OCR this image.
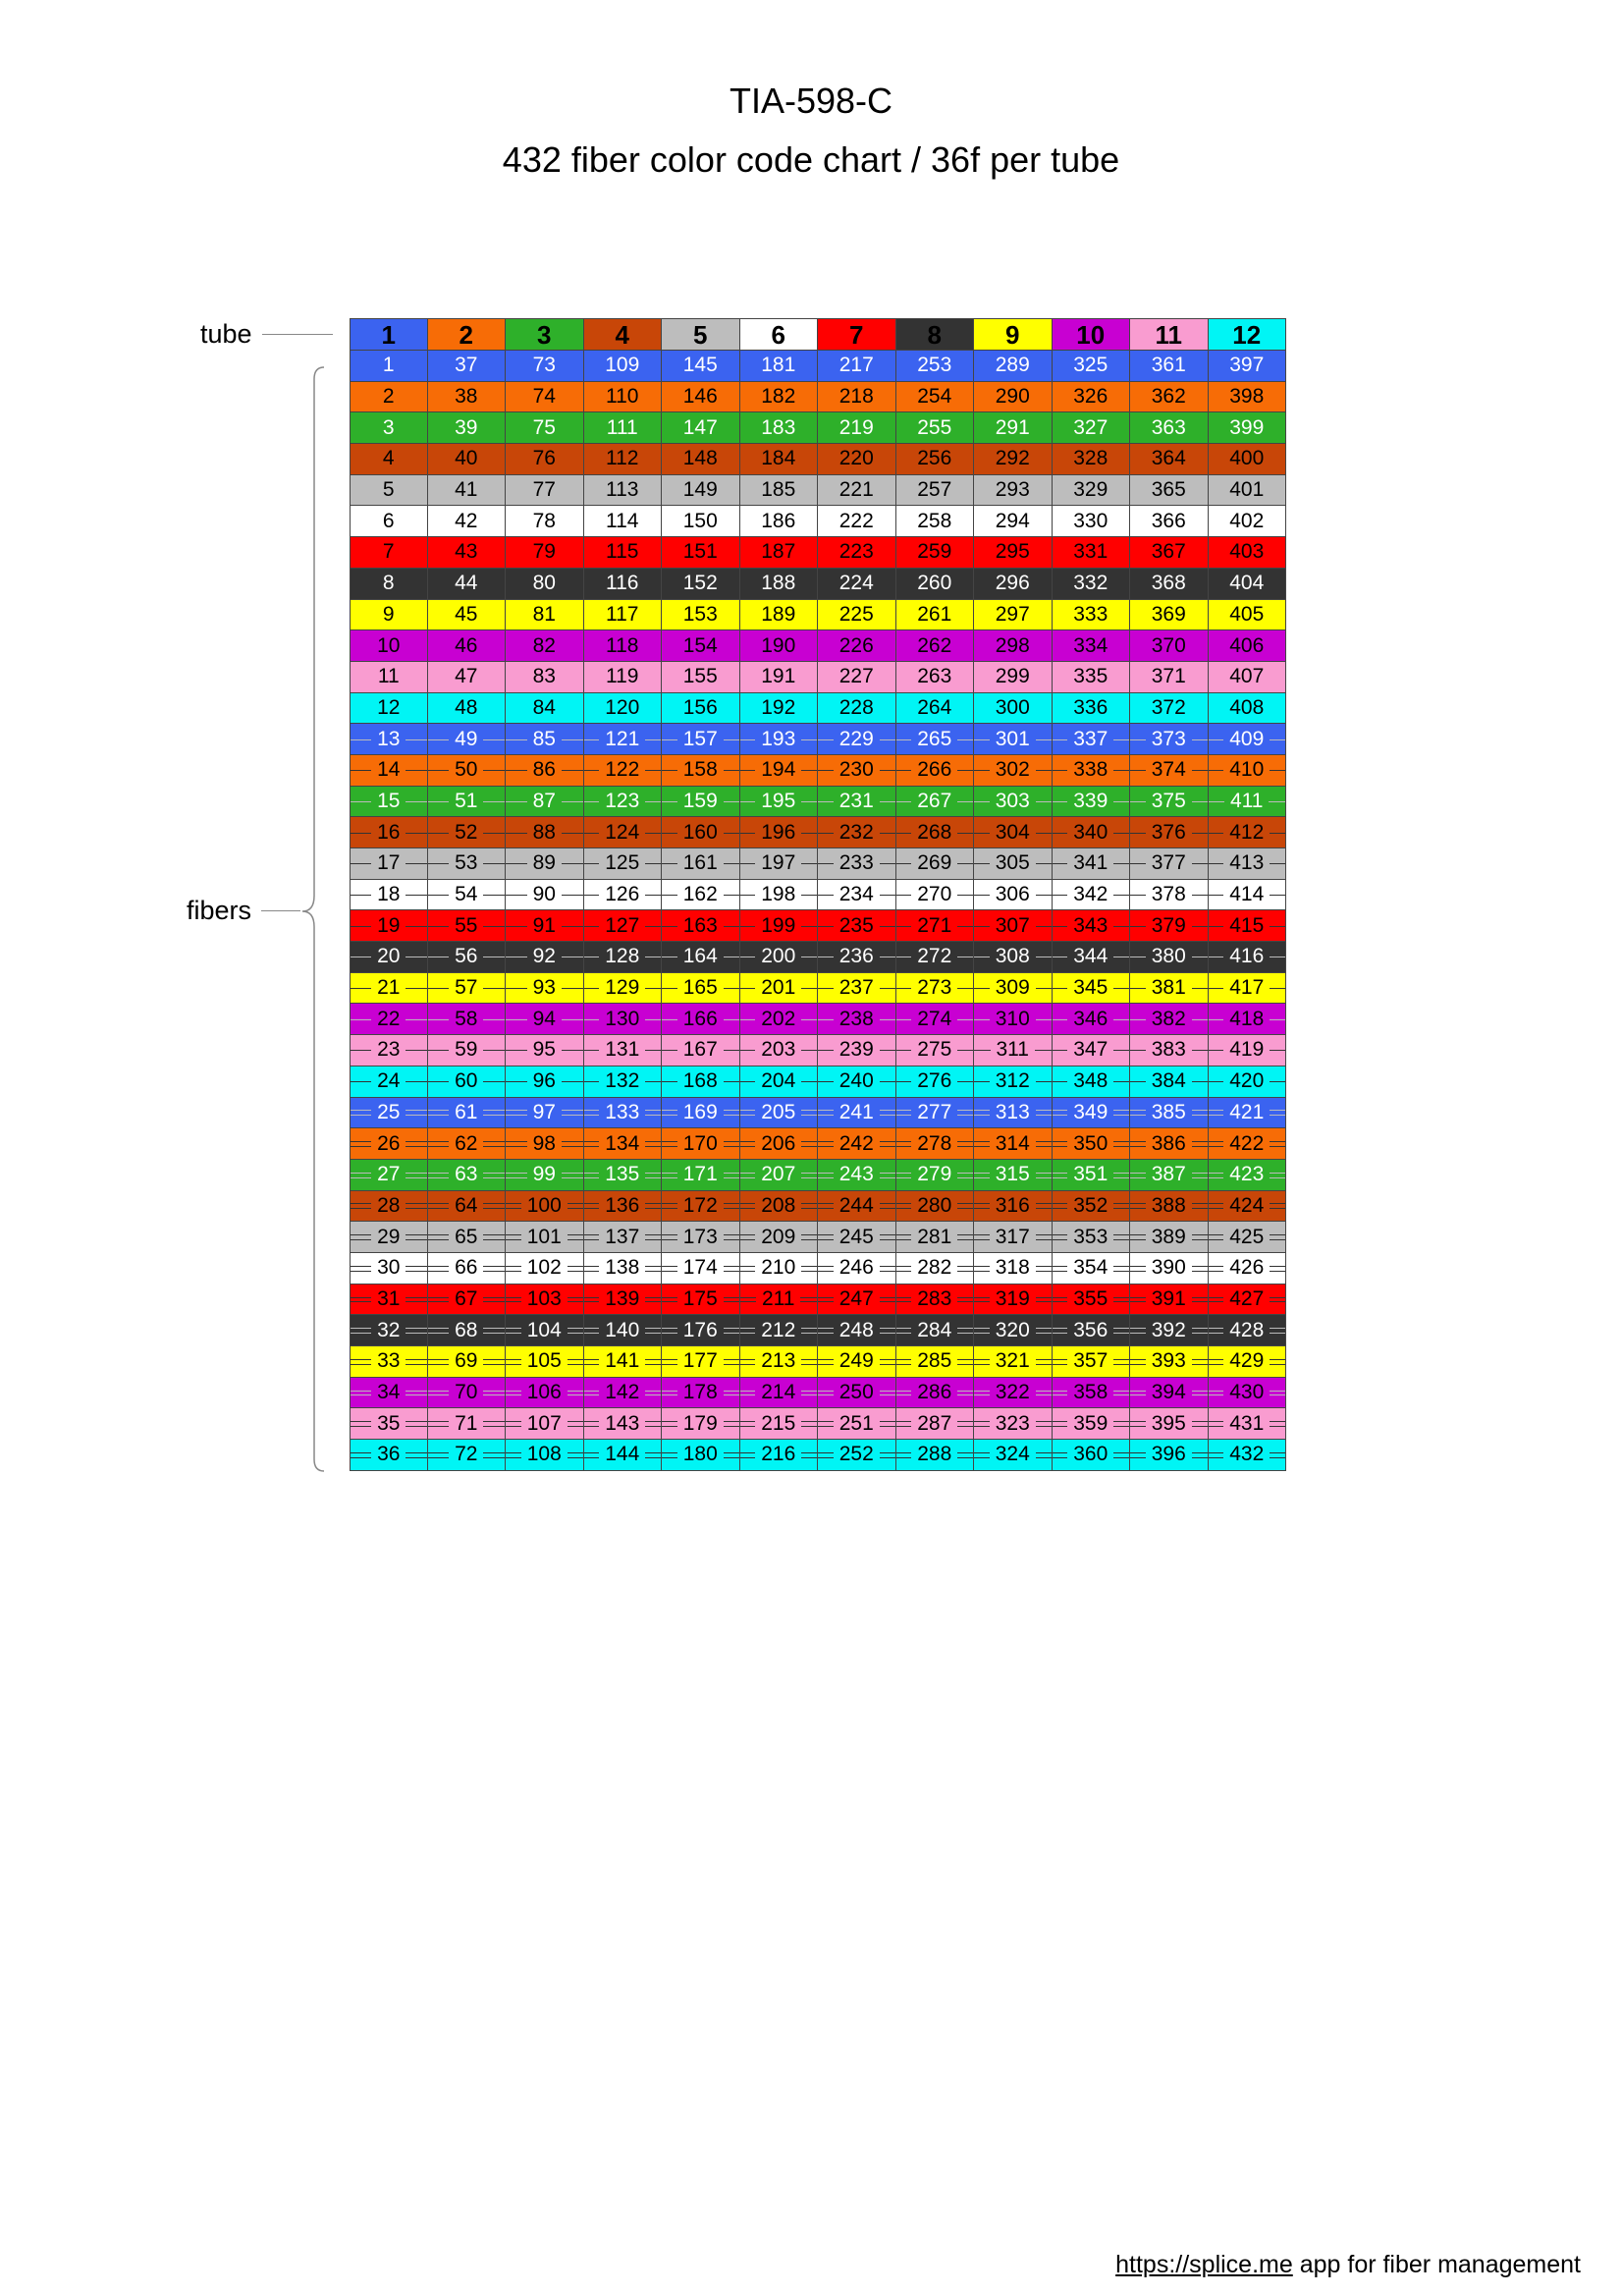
TIA-598-C
432 fiber color code chart / 36f per tube
tube
fibers
1 2	3	4	5	6	7	8	9 10 11 12
1	37	73 109 145 181 217 253 289 325 361 397
2	38	74 110 146 182 218 254 290 326 362 398
3	39	75 111 147 183 219 255 291 327 363 399
4	40	76 112 148 184 220 256 292 328 364 400
5	41	77 113 149 185 221 257 293 329 365 401
6	42	78 114 150 186 222 258 294 330 366 402
7	43	79 115 151 187 223 259 295 331 367 403
8	44	80 116 152 188 224 260 296 332 368 404
9	45	81 117 153 189 225 261 297 333 369 405
10	46	82 118 154 190 226 262 298 334 370 406
11	47	83 119 155 191 227 263 299 335 371 407
12	48	84 120 156 192 228 264 300 336 372 408
13	49	85 121 157 193 229 265 301 337 373 409
14	50	86 122 158 194 230 266 302 338 374 410
15	51	87 123 159 195 231 267 303 339 375 411
16	52	88 124 160 196 232 268 304 340 376 412
17	53	89 125 161 197 233 269 305 341 377 413
18	54	90 126 162 198 234 270 306 342 378 414
19	55	91 127 163 199 235 271 307 343 379 415
20	56	92 128 164 200 236 272 308 344 380 416
21	57	93 129 165 201 237 273 309 345 381 417
22	58	94 130 166 202 238 274 310 346 382 418
23	59	95 131 167 203 239 275 311 347 383 419
24	60	96 132 168 204 240 276 312 348 384 420
25	61	97 133 169 205 241 277 313 349 385 421
26	62	98 134 170 206 242 278 314 350 386 422
27	63	99 135 171 207 243 279 315 351 387 423
28	64 100 136 172 208 244 280 316 352 388 424
29	65 101 137 173 209 245 281 317 353 389 425
30	66 102 138 174 210 246 282 318 354 390 426
31	67 103 139 175 211 247 283 319 355 391 427
32	68 104 140 176 212 248 284 320 356 392 428
33	69 105 141 177 213 249 285 321 357 393 429
34	70 106 142 178 214 250 286 322 358 394 430
35	71 107 143 179 215 251 287 323 359 395 431
36	72 108 144 180 216 252 288 324 360 396 432
https://splice.me app for fiber management
